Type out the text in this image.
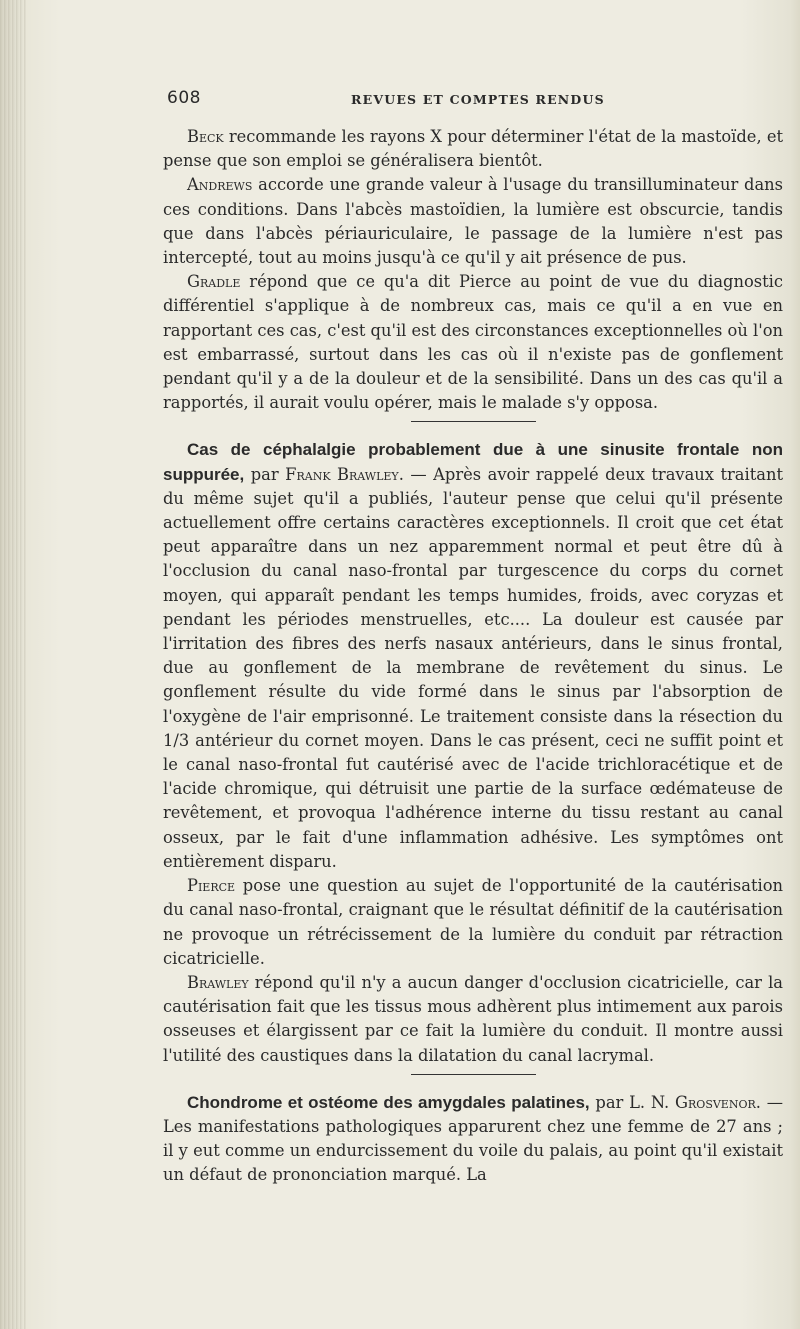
608	REVUES ET COMPTES RENDUS

Beck recommande les rayons X pour déterminer l'état de la mastoïde, et pense que son emploi se généralisera bientôt.

Andrews accorde une grande valeur à l'usage du transilluminateur dans ces conditions. Dans l'abcès mastoïdien, la lumière est obscurcie, tandis que dans l'abcès périauriculaire, le passage de la lumière n'est pas intercepté, tout au moins jusqu'à ce qu'il y ait présence de pus.

Gradle répond que ce qu'a dit Pierce au point de vue du diagnostic différentiel s'applique à de nombreux cas, mais ce qu'il a en vue en rapportant ces cas, c'est qu'il est des circonstances exceptionnelles où l'on est embarrassé, surtout dans les cas où il n'existe pas de gonflement pendant qu'il y a de la douleur et de la sensibilité. Dans un des cas qu'il a rapportés, il aurait voulu opérer, mais le malade s'y opposa.

Cas de céphalalgie probablement due à une sinusite frontale non suppurée, par Frank Brawley. — Après avoir rappelé deux travaux traitant du même sujet qu'il a publiés, l'auteur pense que celui qu'il présente actuellement offre certains caractères exceptionnels. Il croit que cet état peut apparaître dans un nez apparemment normal et peut être dû à l'occlusion du canal naso-frontal par turgescence du corps du cornet moyen, qui apparaît pendant les temps humides, froids, avec coryzas et pendant les périodes menstruelles, etc.... La douleur est causée par l'irritation des fibres des nerfs nasaux antérieurs, dans le sinus frontal, due au gonflement de la membrane de revêtement du sinus. Le gonflement résulte du vide formé dans le sinus par l'absorption de l'oxygène de l'air emprisonné. Le traitement consiste dans la résection du 1/3 antérieur du cornet moyen. Dans le cas présent, ceci ne suffit point et le canal naso-frontal fut cautérisé avec de l'acide trichloracétique et de l'acide chromique, qui détruisit une partie de la surface œdémateuse de revêtement, et provoqua l'adhérence interne du tissu restant au canal osseux, par le fait d'une inflammation adhésive. Les symptômes ont entièrement disparu.

Pierce pose une question au sujet de l'opportunité de la cautérisation du canal naso-frontal, craignant que le résultat définitif de la cautérisation ne provoque un rétrécissement de la lumière du conduit par rétraction cicatricielle.

Brawley répond qu'il n'y a aucun danger d'occlusion cicatricielle, car la cautérisation fait que les tissus mous adhèrent plus intimement aux parois osseuses et élargissent par ce fait la lumière du conduit. Il montre aussi l'utilité des caustiques dans la dilatation du canal lacrymal.

Chondrome et ostéome des amygdales palatines, par L. N. Grosvenor. — Les manifestations pathologiques apparurent chez une femme de 27 ans ; il y eut comme un endurcissement du voile du palais, au point qu'il existait un défaut de prononciation marqué. La
